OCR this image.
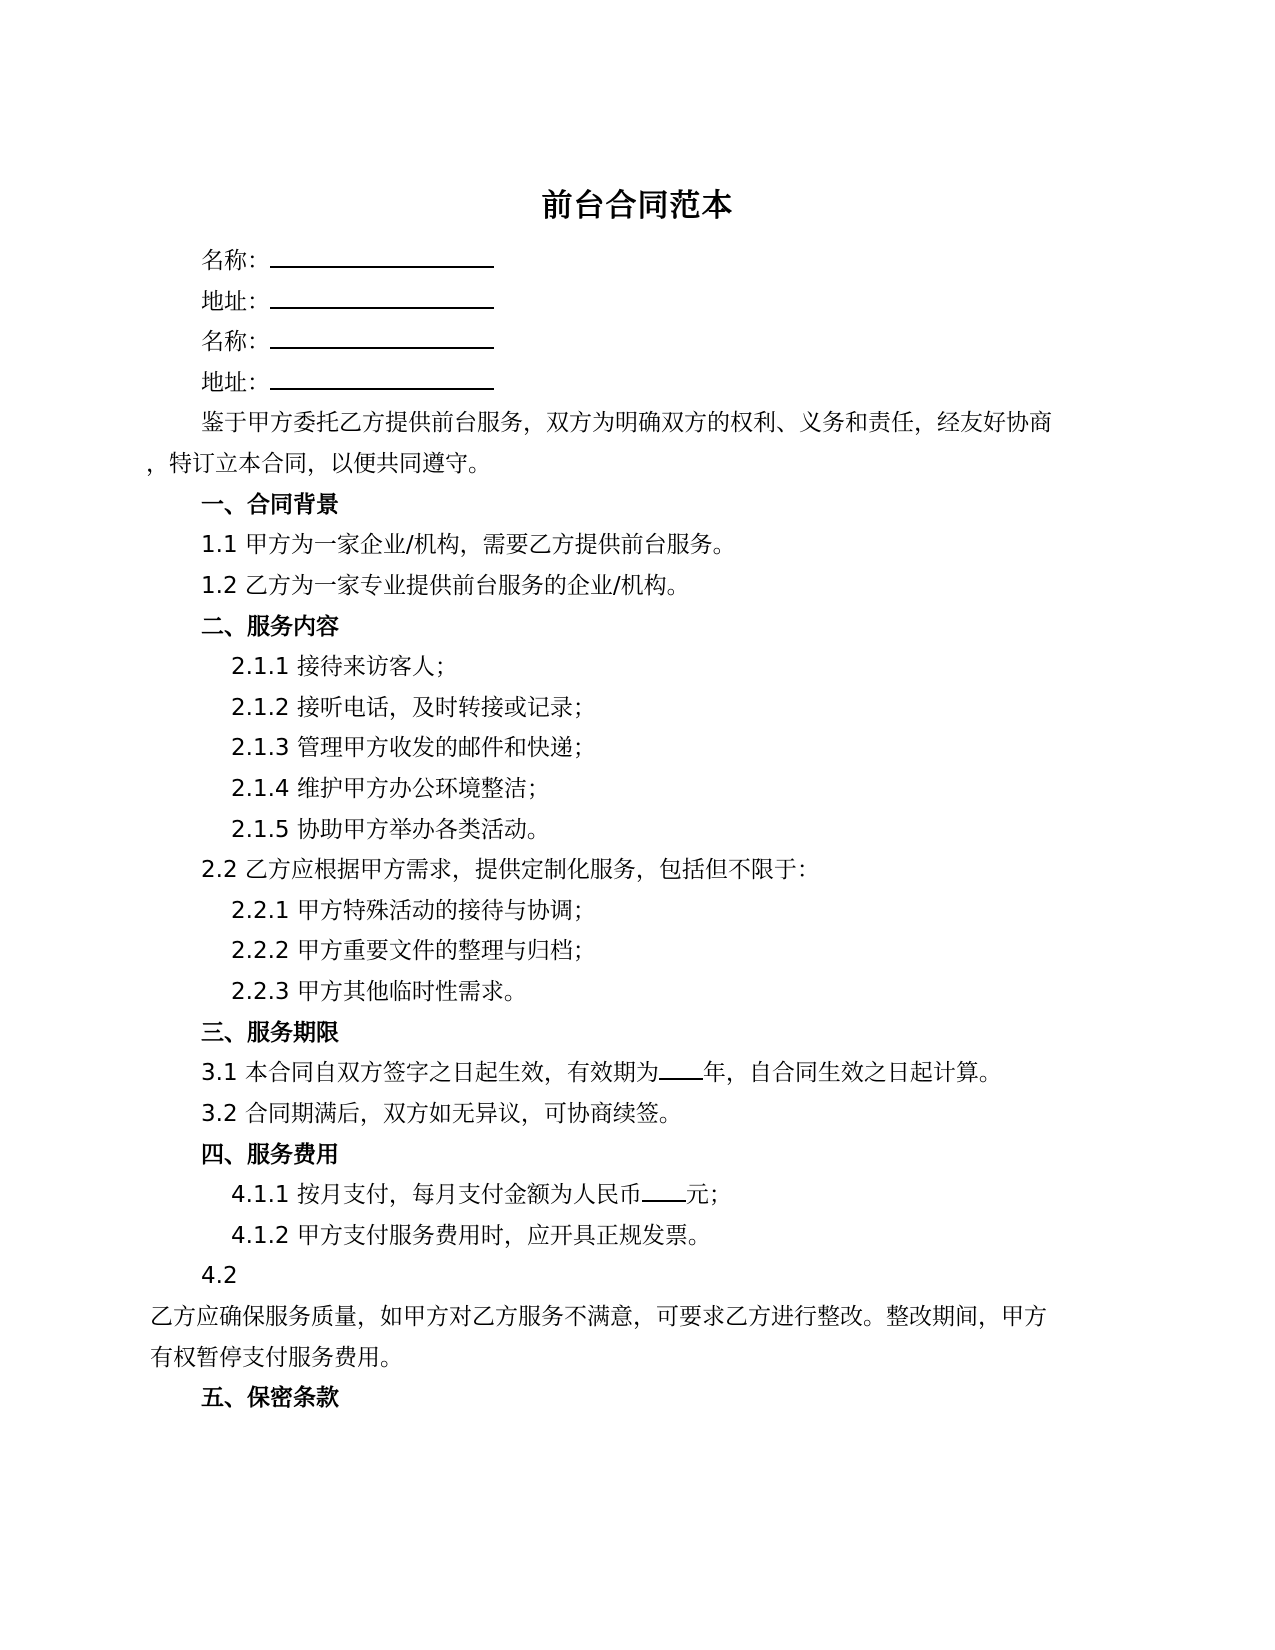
前台合同范本
名称：
地址：
名称：
地址：
鉴于甲方委托乙方提供前台服务，双方为明确双方的权利、义务和责任，经友好协商
，特订立本合同，以便共同遵守。
一、合同背景
1.1 甲方为一家企业/机构，需要乙方提供前台服务。
1.2 乙方为一家专业提供前台服务的企业/机构。
二、服务内容
2.1.1 接待来访客人；
2.1.2 接听电话，及时转接或记录；
2.1.3 管理甲方收发的邮件和快递；
2.1.4 维护甲方办公环境整洁；
2.1.5 协助甲方举办各类活动。
2.2 乙方应根据甲方需求，提供定制化服务，包括但不限于：
2.2.1 甲方特殊活动的接待与协调；
2.2.2 甲方重要文件的整理与归档；
2.2.3 甲方其他临时性需求。
三、服务期限
3.1 本合同自双方签字之日起生效，有效期为 年，自合同生效之日起计算。
3.2 合同期满后，双方如无异议，可协商续签。
四、服务费用
4.1.1 按月支付，每月支付金额为人民币 元；
4.1.2 甲方支付服务费用时，应开具正规发票。
4.2
乙方应确保服务质量，如甲方对乙方服务不满意，可要求乙方进行整改。整改期间，甲方
有权暂停支付服务费用。
五、保密条款
